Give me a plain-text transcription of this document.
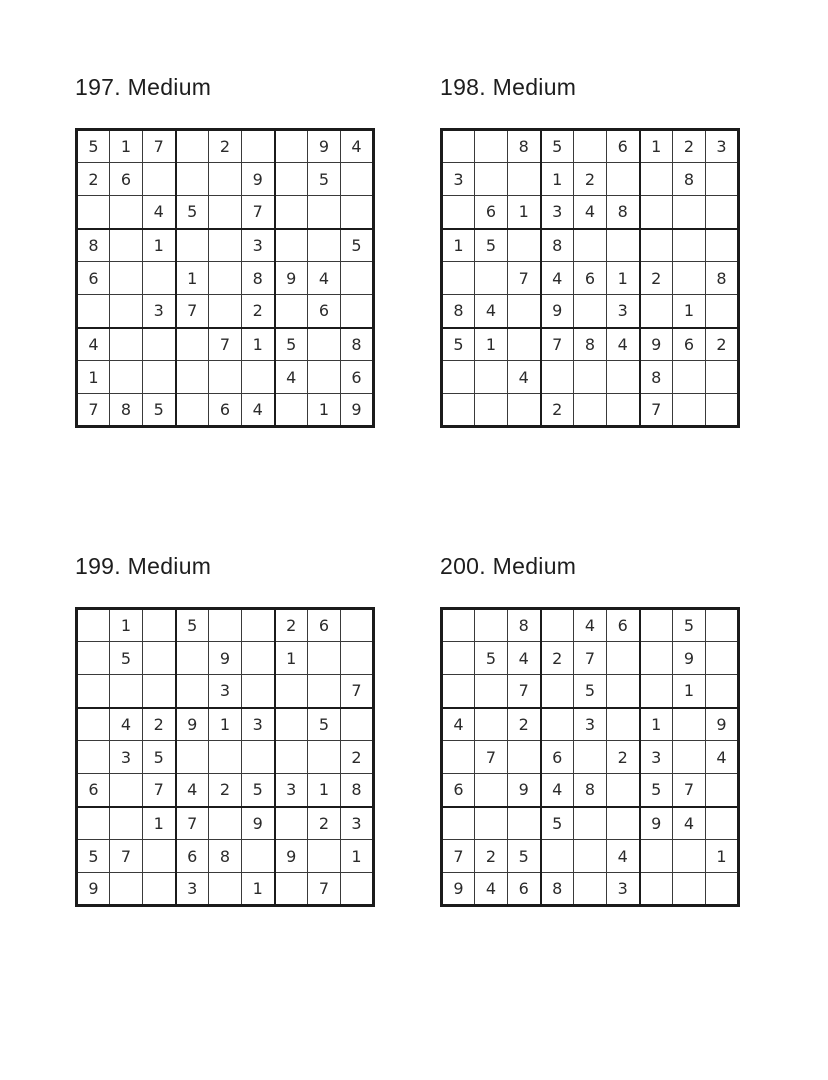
197. Medium
5	1	7		2			9	4
2	6				9		5	
		4	5		7			
8		1			3			5
6			1		8	9	4	
		3	7		2		6	
4				7	1	5		8
1						4		6
7	8	5		6	4		1	9
198. Medium
		8	5		6	1	2	3
3			1	2			8	
	6	1	3	4	8			
1	5		8					
		7	4	6	1	2		8
8	4		9		3		1	
5	1		7	8	4	9	6	2
		4				8		
			2			7		
199. Medium
	1		5			2	6	
	5			9		1		
				3				7
	4	2	9	1	3		5	
	3	5						2
6		7	4	2	5	3	1	8
		1	7		9		2	3
5	7		6	8		9		1
9			3		1		7	
200. Medium
		8		4	6		5	
	5	4	2	7			9	
		7		5			1	
4		2		3		1		9
	7		6		2	3		4
6		9	4	8		5	7	
			5			9	4	
7	2	5			4			1
9	4	6	8		3			
